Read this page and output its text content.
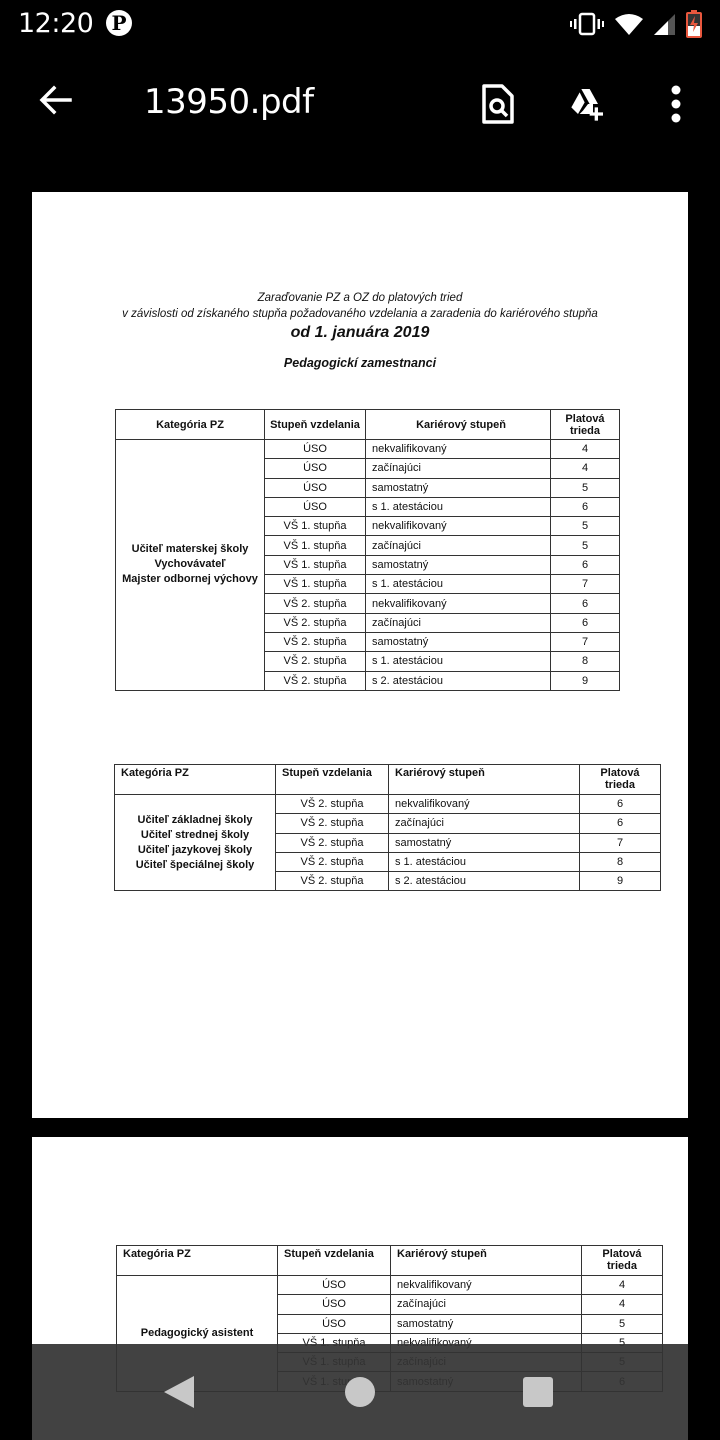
12:20 P
13950.pdf
Zaraďovanie PZ a OZ do platových tried
v závislosti od získaného stupňa požadovaného vzdelania a zaradenia do kariérového stupňa
od 1. januára 2019
Pedagogickí zamestnanci
Kategória PZ	Stupeň vzdelania	Kariérový stupeň	Platová trieda

Učiteľ materskej školy
Vychovávateľ
Majster odbornej výchovy	ÚSO	nekvalifikovaný	4
	ÚSO	začínajúci	4
	ÚSO	samostatný	5
	ÚSO	s 1. atestáciou	6
	VŠ 1. stupňa	nekvalifikovaný	5
	VŠ 1. stupňa	začínajúci	5
	VŠ 1. stupňa	samostatný	6
	VŠ 1. stupňa	s 1. atestáciou	7
	VŠ 2. stupňa	nekvalifikovaný	6
	VŠ 2. stupňa	začínajúci	6
	VŠ 2. stupňa	samostatný	7
	VŠ 2. stupňa	s 1. atestáciou	8
	VŠ 2. stupňa	s 2. atestáciou	9
Kategória PZ	Stupeň vzdelania	Kariérový stupeň	Platová trieda

Učiteľ základnej školy
Učiteľ strednej školy
Učiteľ jazykovej školy
Učiteľ špeciálnej školy	VŠ 2. stupňa	nekvalifikovaný	6
	VŠ 2. stupňa	začínajúci	6
	VŠ 2. stupňa	samostatný	7
	VŠ 2. stupňa	s 1. atestáciou	8
	VŠ 2. stupňa	s 2. atestáciou	9
Kategória PZ	Stupeň vzdelania	Kariérový stupeň	Platová trieda

Pedagogický asistent	ÚSO	nekvalifikovaný	4
	ÚSO	začínajúci	4
	ÚSO	samostatný	5
